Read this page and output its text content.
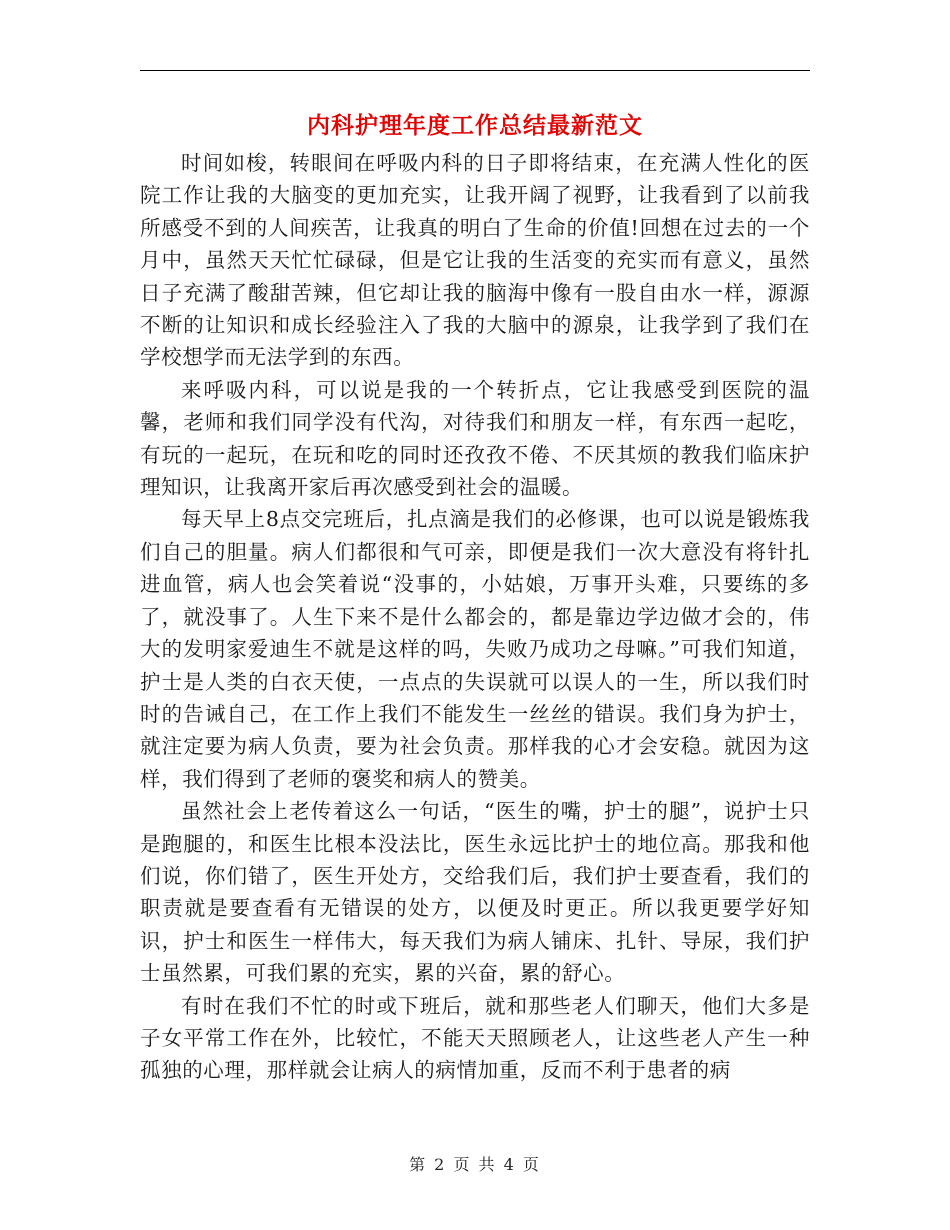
内科护理年度工作总结最新范文

时间如梭，转眼间在呼吸内科的日子即将结束，在充满人性化的医院工作让我的大脑变的更加充实，让我开阔了视野，让我看到了以前我所感受不到的人间疾苦，让我真的明白了生命的价值!回想在过去的一个月中，虽然天天忙忙碌碌，但是它让我的生活变的充实而有意义，虽然日子充满了酸甜苦辣，但它却让我的脑海中像有一股自由水一样，源源不断的让知识和成长经验注入了我的大脑中的源泉，让我学到了我们在学校想学而无法学到的东西。

来呼吸内科，可以说是我的一个转折点，它让我感受到医院的温馨，老师和我们同学没有代沟，对待我们和朋友一样，有东西一起吃，有玩的一起玩，在玩和吃的同时还孜孜不倦、不厌其烦的教我们临床护理知识，让我离开家后再次感受到社会的温暖。

每天早上8点交完班后，扎点滴是我们的必修课，也可以说是锻炼我们自己的胆量。病人们都很和气可亲，即便是我们一次大意没有将针扎进血管，病人也会笑着说“没事的，小姑娘，万事开头难，只要练的多了，就没事了。人生下来不是什么都会的，都是靠边学边做才会的，伟大的发明家爱迪生不就是这样的吗，失败乃成功之母嘛。”可我们知道，护士是人类的白衣天使，一点点的失误就可以误人的一生，所以我们时时的告诫自己，在工作上我们不能发生一丝丝的错误。我们身为护士，就注定要为病人负责，要为社会负责。那样我的心才会安稳。就因为这样，我们得到了老师的褒奖和病人的赞美。

虽然社会上老传着这么一句话，“医生的嘴，护士的腿”，说护士只是跑腿的，和医生比根本没法比，医生永远比护士的地位高。那我和他们说，你们错了，医生开处方，交给我们后，我们护士要查看，我们的职责就是要查看有无错误的处方，以便及时更正。所以我更要学好知识，护士和医生一样伟大，每天我们为病人铺床、扎针、导尿，我们护士虽然累，可我们累的充实，累的兴奋，累的舒心。

有时在我们不忙的时或下班后，就和那些老人们聊天，他们大多是子女平常工作在外，比较忙，不能天天照顾老人，让这些老人产生一种孤独的心理，那样就会让病人的病情加重，反而不利于患者的病

第 2 页 共 4 页
